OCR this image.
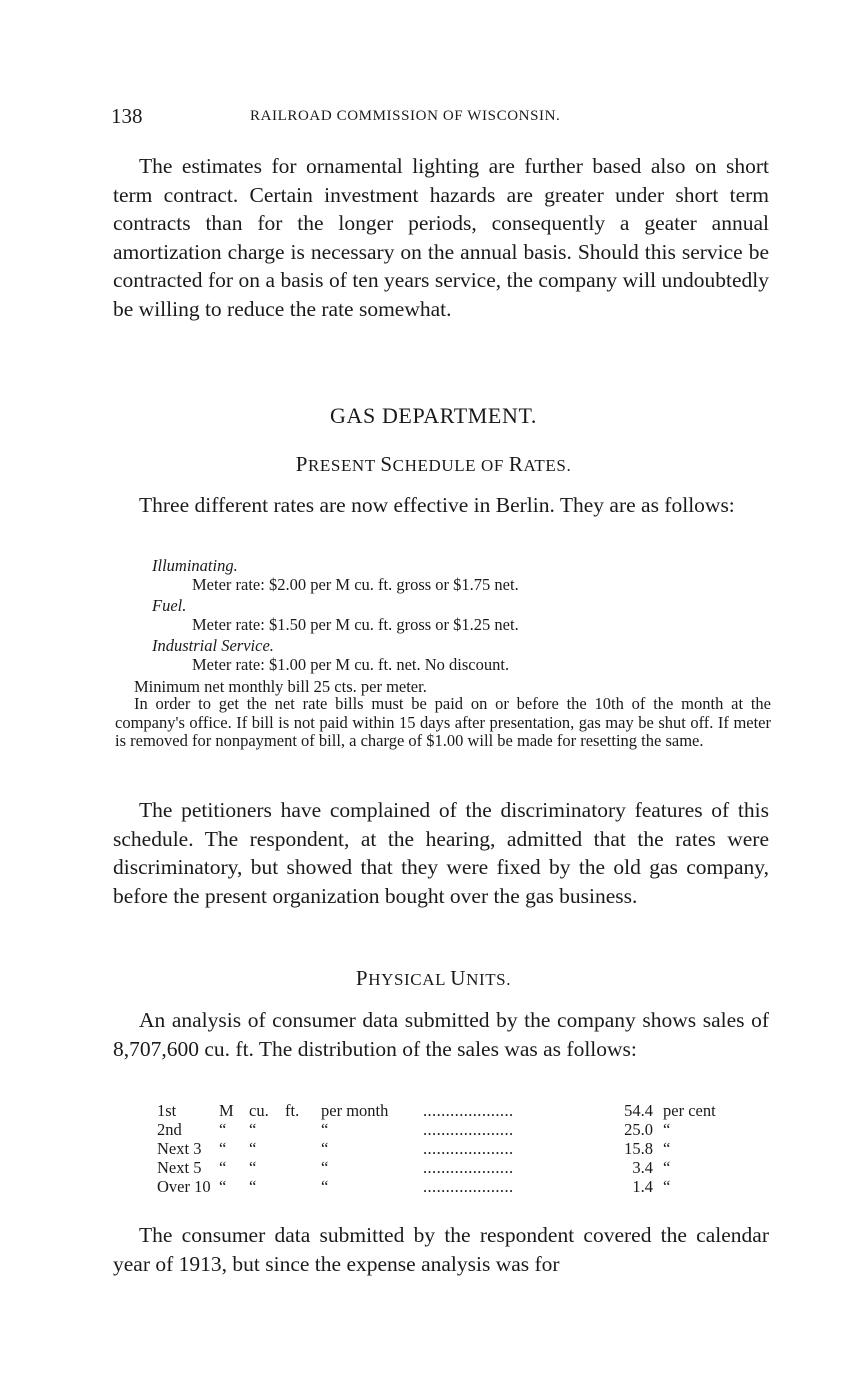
138	RAILROAD COMMISSION OF WISCONSIN.

The estimates for ornamental lighting are further based also on short term contract. Certain investment hazards are greater under short term contracts than for the longer periods, consequently a geater annual amortization charge is necessary on the annual basis. Should this service be contracted for on a basis of ten years service, the company will undoubtedly be willing to reduce the rate somewhat.

GAS DEPARTMENT.
PRESENT SCHEDULE OF RATES.

Three different rates are now effective in Berlin. They are as follows:

Illuminating.

Meter rate: $2.00 per M cu. ft. gross or $1.75 net.

Fuel.

Meter rate: $1.50 per M cu. ft. gross or $1.25 net.

Industrial Service.

Meter rate: $1.00 per M cu. ft. net. No discount.

Minimum net monthly bill 25 cts. per meter.

In order to get the net rate bills must be paid on or before the 10th of the month at the company's office. If bill is not paid within 15 days after presentation, gas may be shut off. If meter is removed for nonpayment of bill, a charge of $1.00 will be made for resetting the same.

The petitioners have complained of the discriminatory features of this schedule. The respondent, at the hearing, admitted that the rates were discriminatory, but showed that they were fixed by the old gas company, before the present organization bought over the gas business.

PHYSICAL UNITS.

An analysis of consumer data submitted by the company shows sales of 8,707,600 cu. ft. The distribution of the sales was as follows:

1st	M	cu.	ft.	per month	....................	54.4	per cent
2nd	“	“		“	....................	25.0	“
Next 3	“	“		“	....................	15.8	“
Next 5	“	“		“	....................	3.4	“
Over 10	“	“		“	....................	1.4	“

The consumer data submitted by the respondent covered the calendar year of 1913, but since the expense analysis was for
